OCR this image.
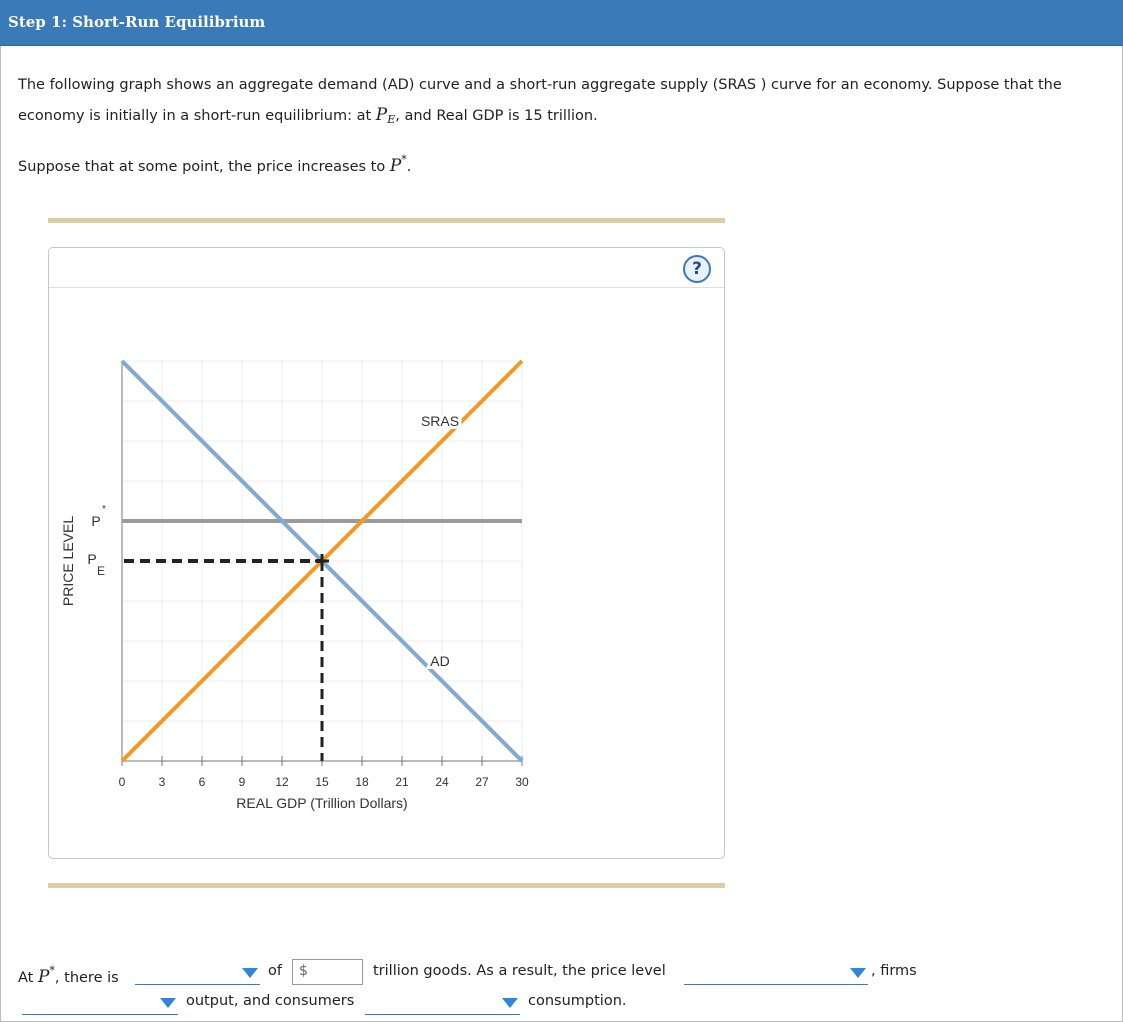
Step 1: Short-Run Equilibrium
The following graph shows an aggregate demand (AD) curve and a short-run aggregate supply (SRAS ) curve for an economy. Suppose that the
economy is initially in a short-run equilibrium: at $P_E$, and Real GDP is 15 trillion.
Suppose that at some point, the price increases to P*.
?
0	3	6	9 12 15 18 21 24 27 30
SRAS
AD
REAL GDP (Trillion Dollars)
PRICE LEVEL P
*
P
E
At P*, there is	of	$	trillion goods. As a result, the price level	, firms
output, and consumers	consumption.
